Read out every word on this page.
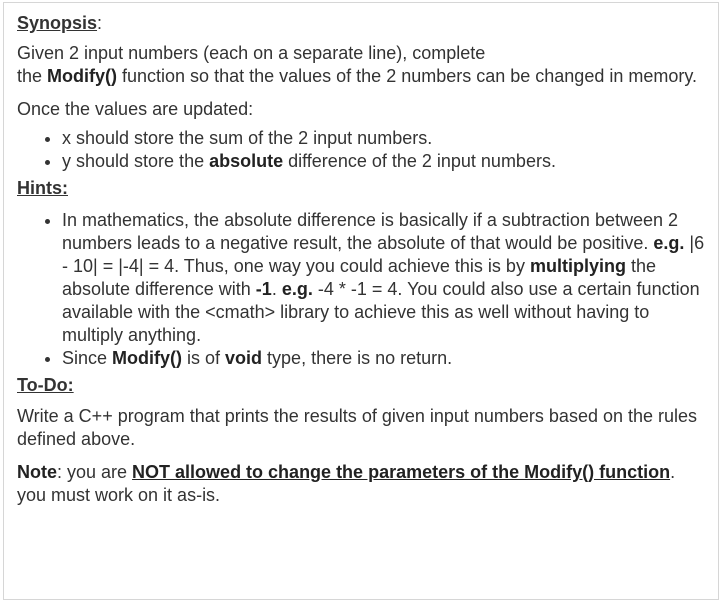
Synopsis:

Given 2 input numbers (each on a separate line), complete
the Modify() function so that the values of the 2 numbers can be changed in memory.

Once the values are updated:

• x should store the sum of the 2 input numbers.
• y should store the absolute difference of the 2 input numbers.
Hints:
• In mathematics, the absolute difference is basically if a subtraction between 2 numbers leads to a negative result, the absolute of that would be positive. e.g. |6 - 10| = |-4| = 4. Thus, one way you could achieve this is by multiplying the absolute difference with -1. e.g. -4 * -1 = 4. You could also use a certain function available with the <cmath> library to achieve this as well without having to multiply anything.
• Since Modify() is of void type, there is no return.
To-Do:

Write a C++ program that prints the results of given input numbers based on the rules defined above.

Note: you are NOT allowed to change the parameters of the Modify() function. you must work on it as-is.
